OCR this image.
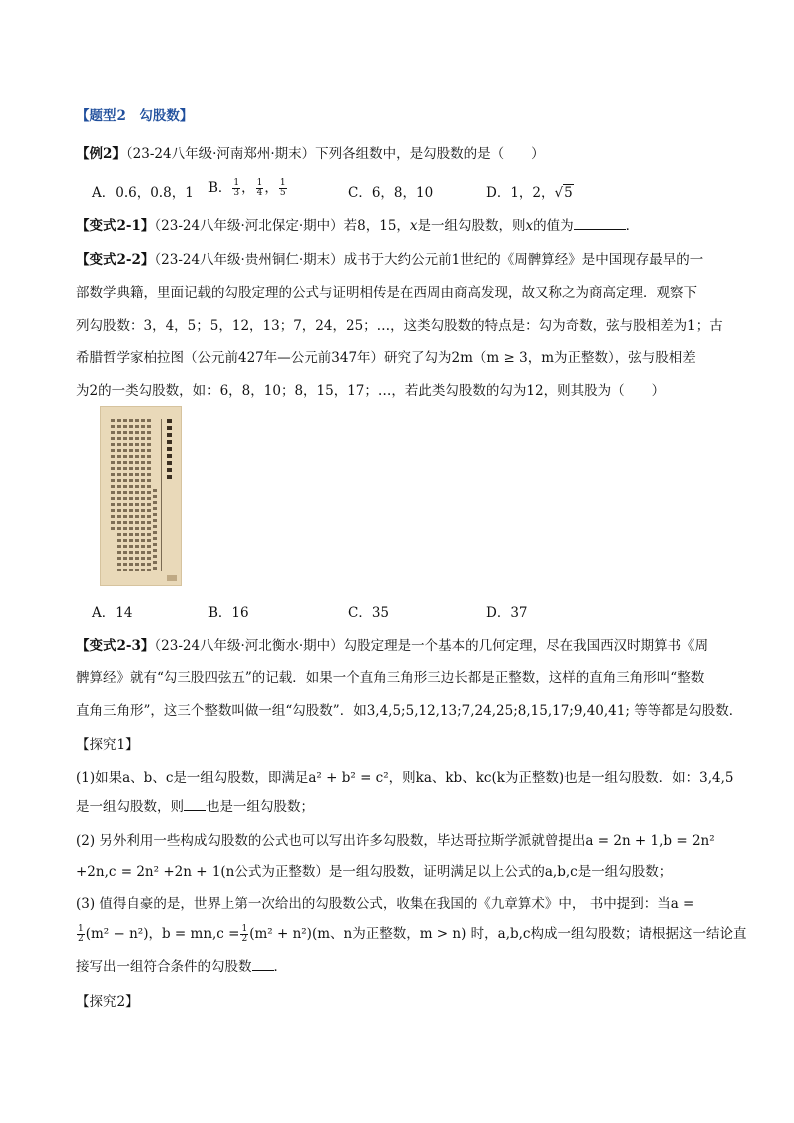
【题型2　勾股数】
【例2】（23-24八年级·河南郑州·期末）下列各组数中，是勾股数的是（　　）
A．0.6，0.8，1 B． $\frac{1}{3}$ ， $\frac{1}{4}$ ， $\frac{1}{5}$	C．6，8，10	D．1，2，√5
【变式2-1】（23-24八年级·河北保定·期中）若8，15，x是一组勾股数，则x的值为	．
【变式2-2】（23-24八年级·贵州铜仁·期末）成书于大约公元前1世纪的《周髀算经》是中国现存最早的一
部数学典籍，里面记载的勾股定理的公式与证明相传是在西周由商高发现，故又称之为商高定理．观察下
列勾股数：3，4，5；5，12，13；7，24，25；…，这类勾股数的特点是：勾为奇数，弦与股相差为1；古
希腊哲学家柏拉图（公元前427年—公元前347年）研究了勾为2m（m ≥ 3，m为正整数），弦与股相差
为2的一类勾股数，如：6，8，10；8，15，17；…，若此类勾股数的勾为12，则其股为（　　）
A．14	B．16	C．35	D．37
【变式2-3】（23-24八年级·河北衡水·期中）勾股定理是一个基本的几何定理，尽在我国西汉时期算书《周
髀算经》就有“勾三股四弦五”的记载．如果一个直角三角形三边长都是正整数，这样的直角三角形叫“整数
直角三角形”，这三个整数叫做一组“勾股数”．如3,4,5;5,12,13;7,24,25;8,15,17;9,40,41; 等等都是勾股数．
【探究1】
(1)如果a、b、c是一组勾股数，即满足a² + b² = c²，则ka、kb、kc(k为正整数)也是一组勾股数．如：3,4,5
是一组勾股数，则 也是一组勾股数；
(2) 另外利用一些构成勾股数的公式也可以写出许多勾股数，毕达哥拉斯学派就曾提出a = 2n + 1,b = 2n²
+2n,c = 2n² +2n + 1(n公式为正整数）是一组勾股数，证明满足以上公式的a,b,c是一组勾股数；
(3) 值得自豪的是，世界上第一次给出的勾股数公式，收集在我国的《九章算术》中， 书中提到：当a =
$\frac{1}{2} (m^2 - n^2)$，$b = mn,c = \frac{1}{2} (m^2 + n^2)(m$、n为正整数，m > n) 时，a,b,c构成一组勾股数；请根据这一结论直
接写出一组符合条件的勾股数 ．
【探究2】
